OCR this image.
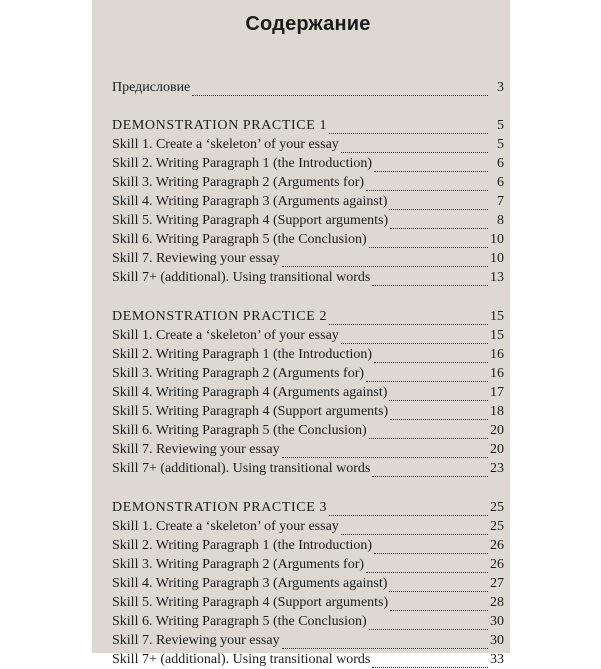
Содержание
Предисловие	3
DEMONSTRATION PRACTICE 1	5
Skill 1. Create a ‘skeleton’ of your essay	5
Skill 2. Writing Paragraph 1 (the Introduction)	6
Skill 3. Writing Paragraph 2 (Arguments for)	6
Skill 4. Writing Paragraph 3 (Arguments against)	7
Skill 5. Writing Paragraph 4 (Support arguments)	8
Skill 6. Writing Paragraph 5 (the Conclusion)	10
Skill 7. Reviewing your essay	10
Skill 7+ (additional). Using transitional words	13
DEMONSTRATION PRACTICE 2	15
Skill 1. Create a ‘skeleton’ of your essay	15
Skill 2. Writing Paragraph 1 (the Introduction)	16
Skill 3. Writing Paragraph 2 (Arguments for)	16
Skill 4. Writing Paragraph 4 (Arguments against)	17
Skill 5. Writing Paragraph 4 (Support arguments)	18
Skill 6. Writing Paragraph 5 (the Conclusion)	20
Skill 7. Reviewing your essay	20
Skill 7+ (additional). Using transitional words	23
DEMONSTRATION PRACTICE 3	25
Skill 1. Create a ‘skeleton’ of your essay	25
Skill 2. Writing Paragraph 1 (the Introduction)	26
Skill 3. Writing Paragraph 2 (Arguments for)	26
Skill 4. Writing Paragraph 3 (Arguments against)	27
Skill 5. Writing Paragraph 4 (Support arguments)	28
Skill 6. Writing Paragraph 5 (the Conclusion)	30
Skill 7. Reviewing your essay	30
Skill 7+ (additional). Using transitional words	33
